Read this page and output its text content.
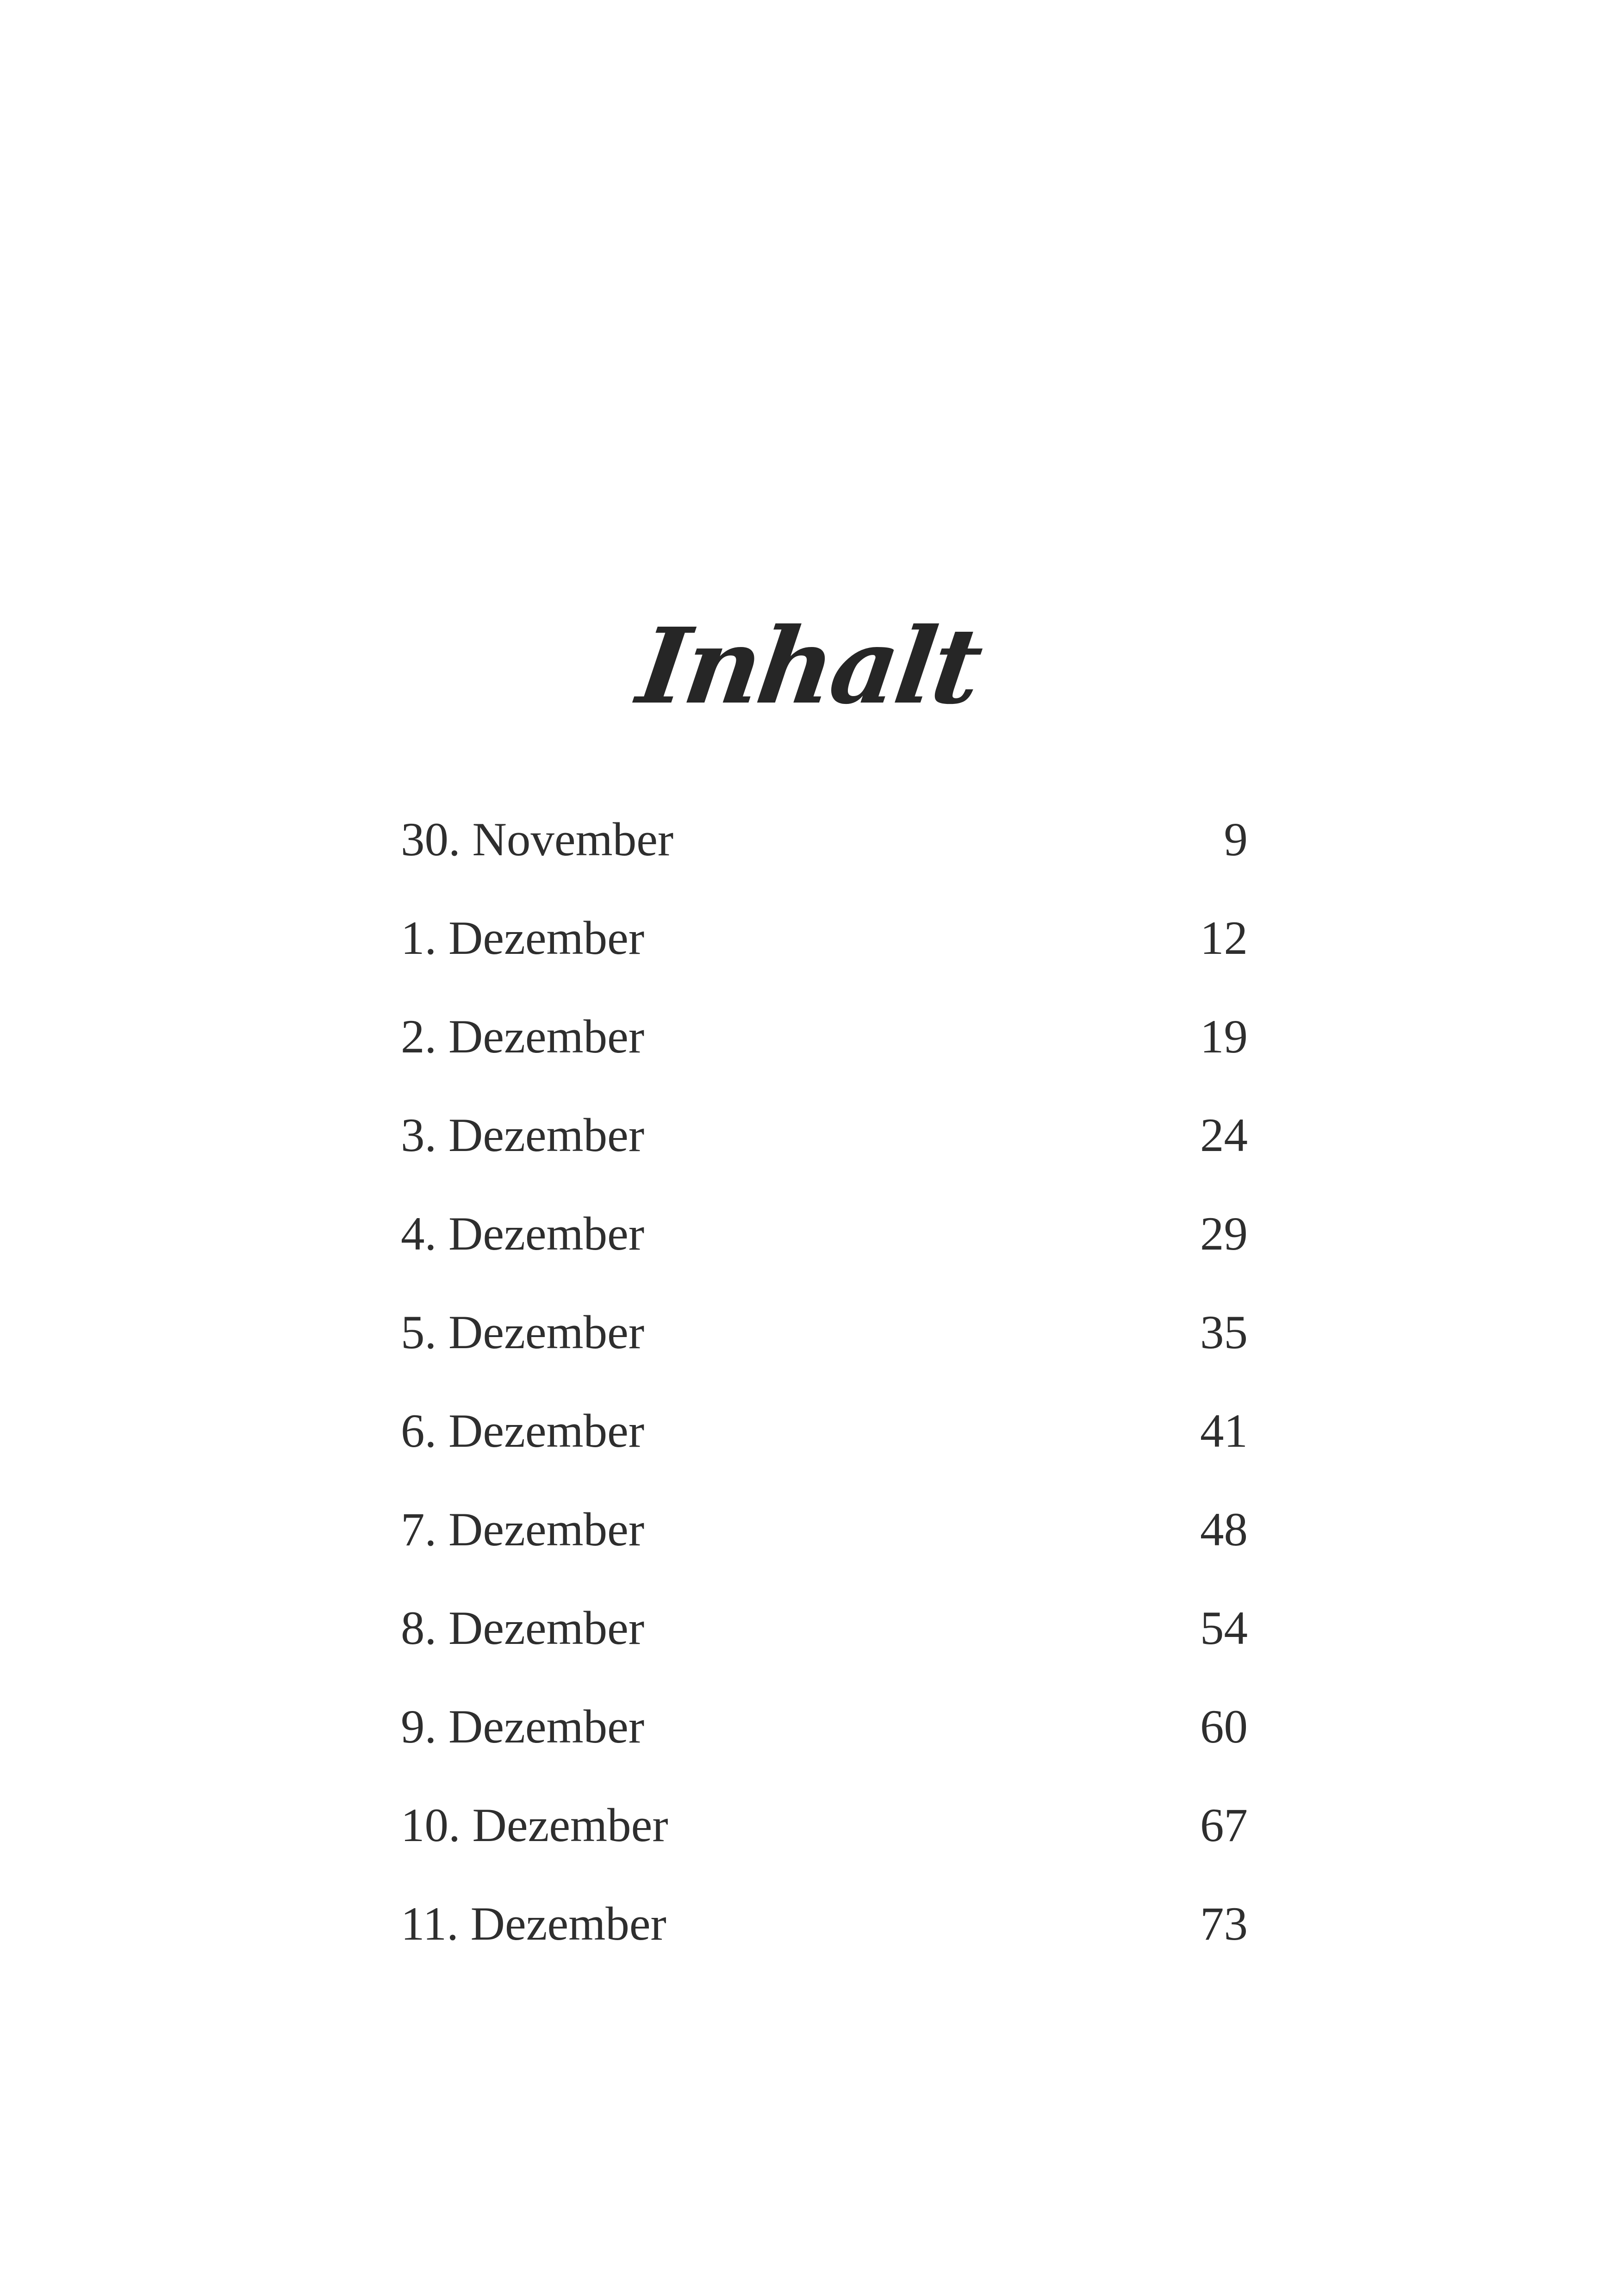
Inhalt
30. November	9
1. Dezember	12
2. Dezember	19
3. Dezember	24
4. Dezember	29
5. Dezember	35
6. Dezember	41
7. Dezember	48
8. Dezember	54
9. Dezember	60
10. Dezember	67
11. Dezember	73
